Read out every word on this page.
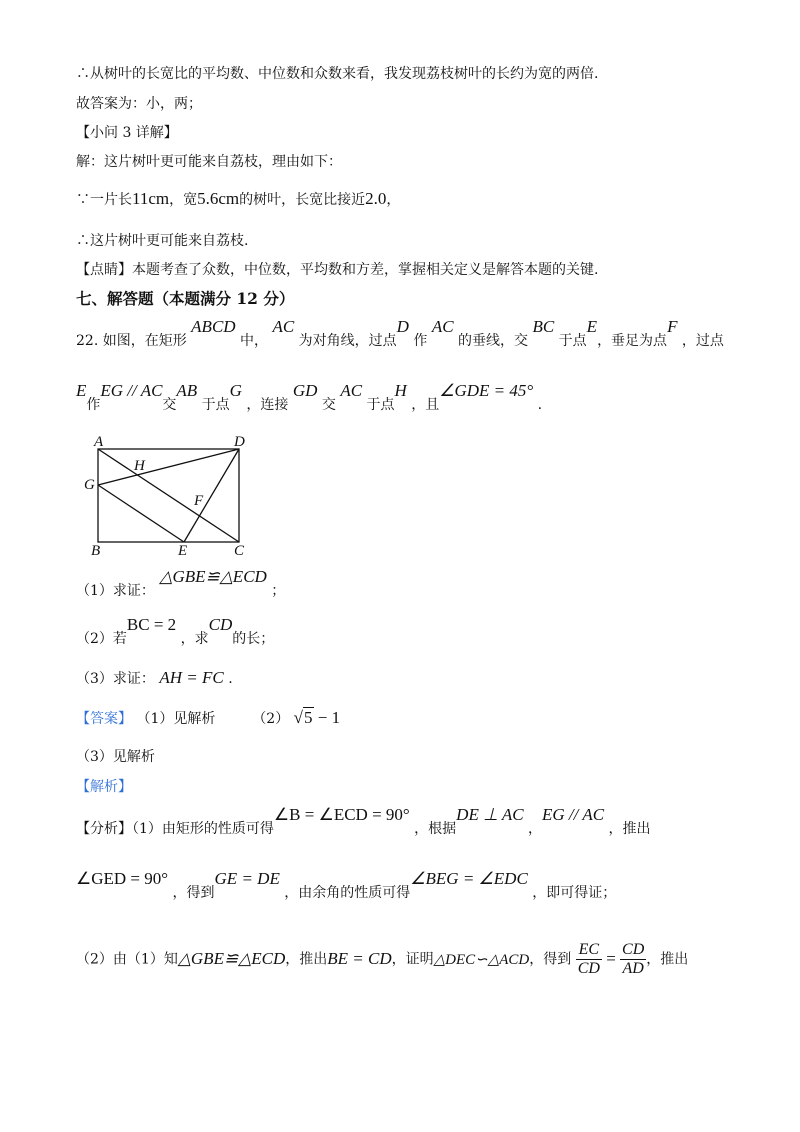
∴从树叶的长宽比的平均数、中位数和众数来看，我发现荔枝树叶的长约为宽的两倍.
故答案为：小，两；
【小问 3 详解】
解：这片树叶更可能来自荔枝，理由如下：
∵一片长11cm，宽5.6cm的树叶，长宽比接近2.0，
∴这片树叶更可能来自荔枝.
【点睛】本题考查了众数，中位数，平均数和方差，掌握相关定义是解答本题的关键.
七、解答题（本题满分 12 分）
22. 如图，在矩形 ABCD 中， AC 为对角线，过点D 作 AC 的垂线，交 BC 于点E，垂足为点F ，过点
E作EG // AC交AB 于点G ，连接 GD 交 AC 于点H ，且∠GDE = 45° .
A	D
B	C
E
F
G
H
（1）求证： △GBE≌△ECD ；
（2）若BC = 2 ，求CD的长；
（3）求证： AH = FC .
【答案】 （1）见解析	（2） √5 − 1
（3）见解析
【解析】
【分析】（1）由矩形的性质可得∠B = ∠ECD = 90° ，根据DE ⊥ AC ，EG // AC ，推出
∠GED = 90° ，得到GE = DE ，由余角的性质可得∠BEG = ∠EDC ，即可得证；
（2）由（1）知△GBE≌△ECD，推出BE = CD，证明△DEC∽△ACD，得到 $\frac{EC}{CD} = \frac{CD}{AD}$ ，推出
